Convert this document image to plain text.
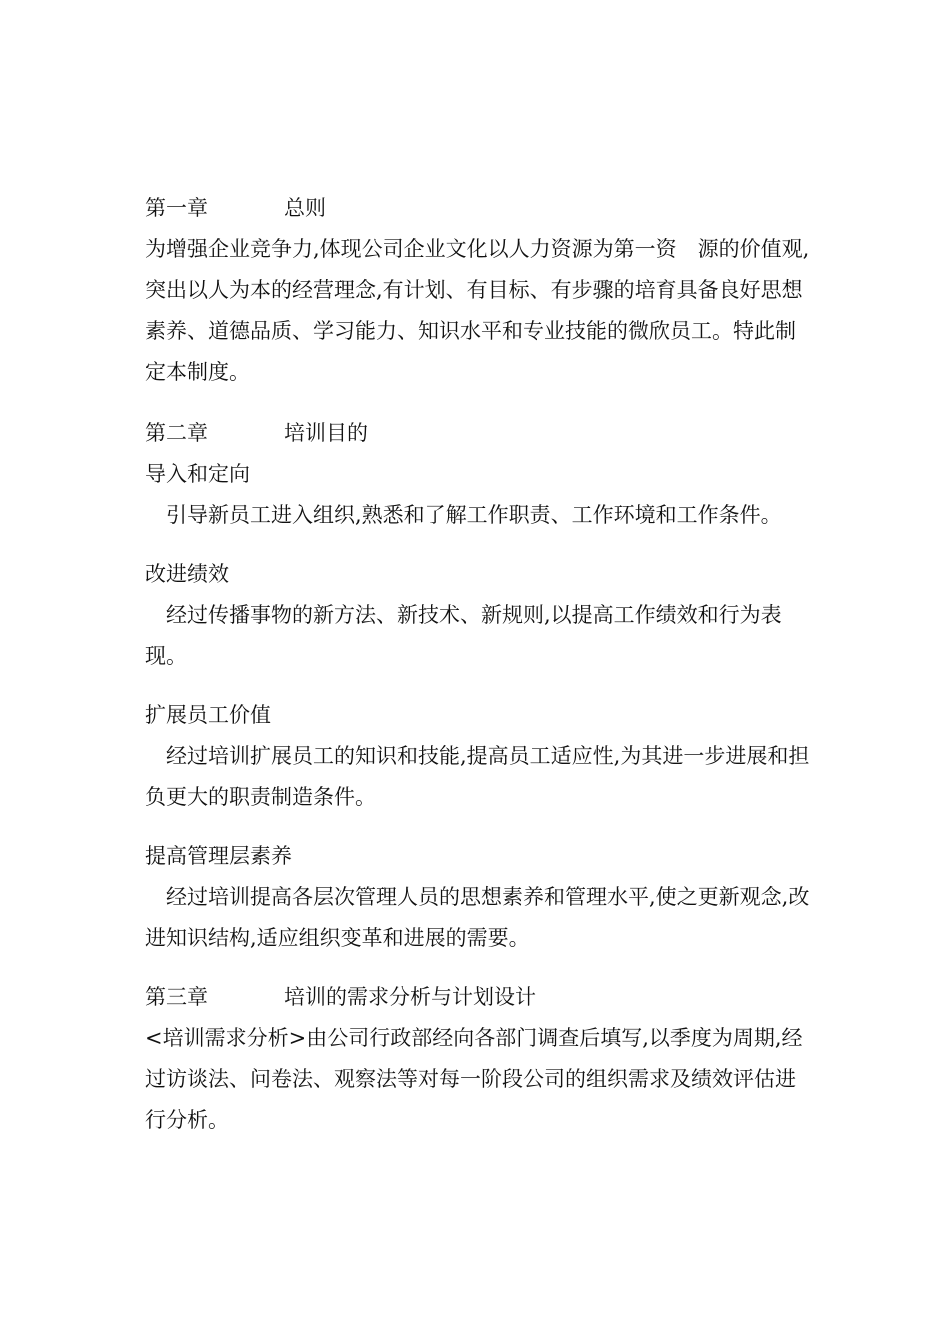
第一章	总则

为增强企业竞争力,体现公司企业文化以人力资源为第一资　源的价值观,突出以人为本的经营理念,有计划、有目标、有步骤的培育具备良好思想素养、道德品质、学习能力、知识水平和专业技能的微欣员工。特此制定本制度。

第二章	培训目的

导入和定向

引导新员工进入组织,熟悉和了解工作职责、工作环境和工作条件。

改进绩效

经过传播事物的新方法、新技术、新规则,以提高工作绩效和行为表现。

扩展员工价值

经过培训扩展员工的知识和技能,提高员工适应性,为其进一步进展和担负更大的职责制造条件。

提高管理层素养

经过培训提高各层次管理人员的思想素养和管理水平,使之更新观念,改进知识结构,适应组织变革和进展的需要。

第三章	培训的需求分析与计划设计

<培训需求分析>由公司行政部经向各部门调查后填写,以季度为周期,经过访谈法、问卷法、观察法等对每一阶段公司的组织需求及绩效评估进行分析。
